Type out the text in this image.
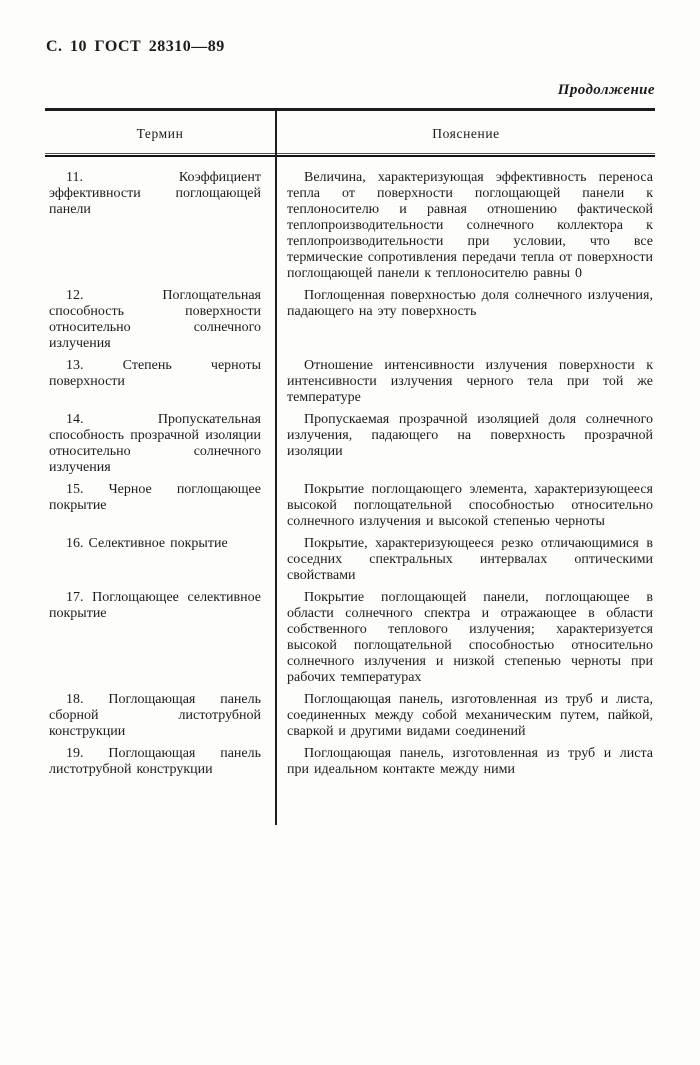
С. 10 ГОСТ 28310—89
Продолжение
Термин	Пояснение
11. Коэффициент эффективности поглощающей панели
Величина, характеризующая эффективность переноса тепла от поверхности поглощающей панели к теплоносителю и равная отношению фактической теплопроизводительности солнечного коллектора к теплопроизводительности при условии, что все термические сопротивления передачи тепла от поверхности поглощающей панели к теплоносителю равны 0
12. Поглощательная способность поверхности относительно солнечного излучения
Поглощенная поверхностью доля солнечного излучения, падающего на эту поверхность
13. Степень черноты поверхности
Отношение интенсивности излучения поверхности к интенсивности излучения черного тела при той же температуре
14. Пропускательная способность прозрачной изоляции относительно солнечного излучения
Пропускаемая прозрачной изоляцией доля солнечного излучения, падающего на поверхность прозрачной изоляции
15. Черное поглощающее покрытие
Покрытие поглощающего элемента, характеризующееся высокой поглощательной способностью относительно солнечного излучения и высокой степенью черноты
16. Селективное покрытие	Покрытие, характеризующееся резко отличающимися в соседних спектральных интервалах оптическими свойствами
17. Поглощающее селективное покрытие
Покрытие поглощающей панели, поглощающее в области солнечного спектра и отражающее в области собственного теплового излучения; характеризуется высокой поглощательной способностью относительно солнечного излучения и низкой степенью черноты при рабочих температурах
18. Поглощающая панель сборной листотрубной конструкции
Поглощающая панель, изготовленная из труб и листа, соединенных между собой механическим путем, пайкой, сваркой и другими видами соединений
19. Поглощающая панель листотрубной конструкции
Поглощающая панель, изготовленная из труб и листа при идеальном контакте между ними
